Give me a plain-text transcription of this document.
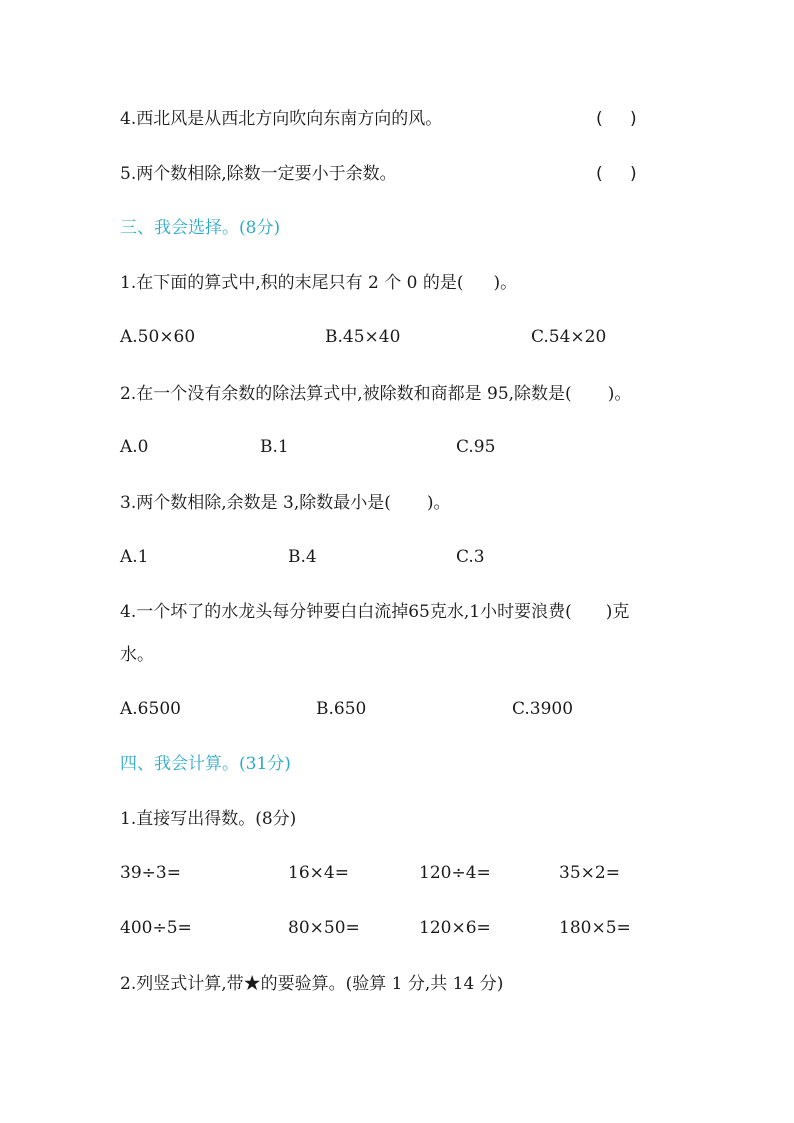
4.西北风是从西北方向吹向东南方向的风。	( )
5.两个数相除,除数一定要小于余数。	( )
三、我会选择。(8分)
1.在下面的算式中,积的末尾只有 2 个 0 的是( )。
A.50×60	B.45×40	C.54×20
2.在一个没有余数的除法算式中,被除数和商都是 95,除数是( )。
A.0	B.1	C.95
3.两个数相除,余数是 3,除数最小是( )。
A.1	B.4	C.3
4.一个坏了的水龙头每分钟要白白流掉65克水,1小时要浪费( )克
水。
A.6500	B.650	C.3900
四、我会计算。(31分)
1.直接写出得数。(8分)
39÷3=	16×4=	120÷4=	35×2=
400÷5=	80×50=	120×6=	180×5=
2.列竖式计算,带★的要验算。(验算 1 分,共 14 分)
